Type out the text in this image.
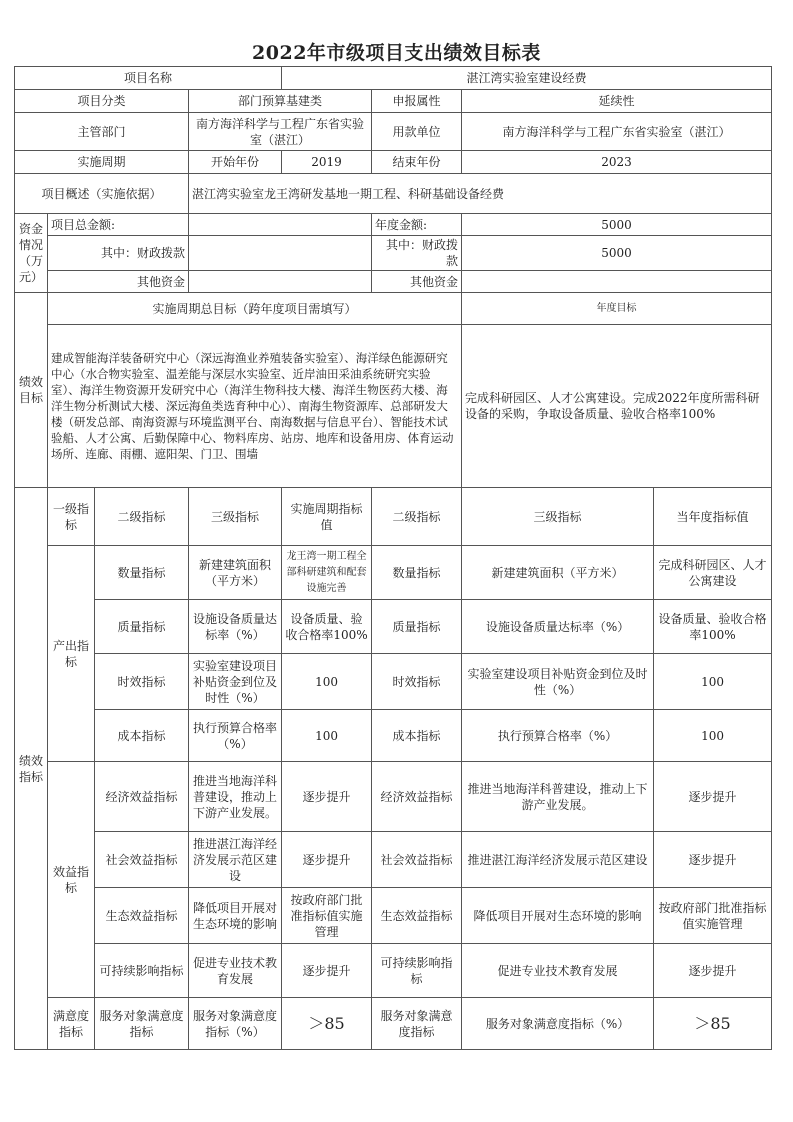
2022年市级项目支出绩效目标表
项目名称				湛江湾实验室建设经费			
项目分类			部门预算基建类		申报属性	延续性	
主管部门			南方海洋科学与工程广东省实验室（湛江）		用款单位	南方海洋科学与工程广东省实验室（湛江）	
实施周期			开始年份	2019	结束年份	2023	
项目概述（实施依据）			湛江湾实验室龙王湾研发基地一期工程、科研基础设备经费				
资金情况（万元）	项目总金额:				年度金额:	5000	
	其中：财政拨款				其中：财政拨款	5000	
	其他资金				其他资金		
绩效目标	实施周期总目标（跨年度项目需填写）					年度目标	
	建成智能海洋装备研究中心（深远海渔业养殖装备实验室）、海洋绿色能源研究中心（水合物实验室、温差能与深层水实验室、近岸油田采油系统研究实验室）、海洋生物资源开发研究中心（海洋生物科技大楼、海洋生物医药大楼、海洋生物分析测试大楼、深远海鱼类选育种中心）、南海生物资源库、总部研发大楼（研发总部、南海资源与环境监测平台、南海数据与信息平台）、智能技术试验船、人才公寓、后勤保障中心、物料库房、站房、地库和设备用房、体育运动场所、连廊、雨棚、遮阳架、门卫、围墙					完成科研园区、人才公寓建设。完成2022年度所需科研设备的采购，争取设备质量、验收合格率100%	
绩效指标	一级指标	二级指标	三级指标	实施周期指标值	二级指标	三级指标	当年度指标值
	产出指标	数量指标	新建建筑面积（平方米）	龙王湾一期工程全部科研建筑和配套设施完善	数量指标	新建建筑面积（平方米）	完成科研园区、人才公寓建设
		质量指标	设施设备质量达标率（%）	设备质量、验收合格率100%	质量指标	设施设备质量达标率（%）	设备质量、验收合格率100%
		时效指标	实验室建设项目补贴资金到位及时性（%）	100	时效指标	实验室建设项目补贴资金到位及时性（%）	100
		成本指标	执行预算合格率（%）	100	成本指标	执行预算合格率（%）	100
	效益指标	经济效益指标	推进当地海洋科普建设，推动上下游产业发展。	逐步提升	经济效益指标	推进当地海洋科普建设，推动上下游产业发展。	逐步提升
		社会效益指标	推进湛江海洋经济发展示范区建设	逐步提升	社会效益指标	推进湛江海洋经济发展示范区建设	逐步提升
		生态效益指标	降低项目开展对生态环境的影响	按政府部门批准指标值实施管理	生态效益指标	降低项目开展对生态环境的影响	按政府部门批准指标值实施管理
		可持续影响指标	促进专业技术教育发展	逐步提升	可持续影响指标	促进专业技术教育发展	逐步提升
	满意度指标	服务对象满意度指标	服务对象满意度指标（%）	＞85	服务对象满意度指标	服务对象满意度指标（%）	＞85
